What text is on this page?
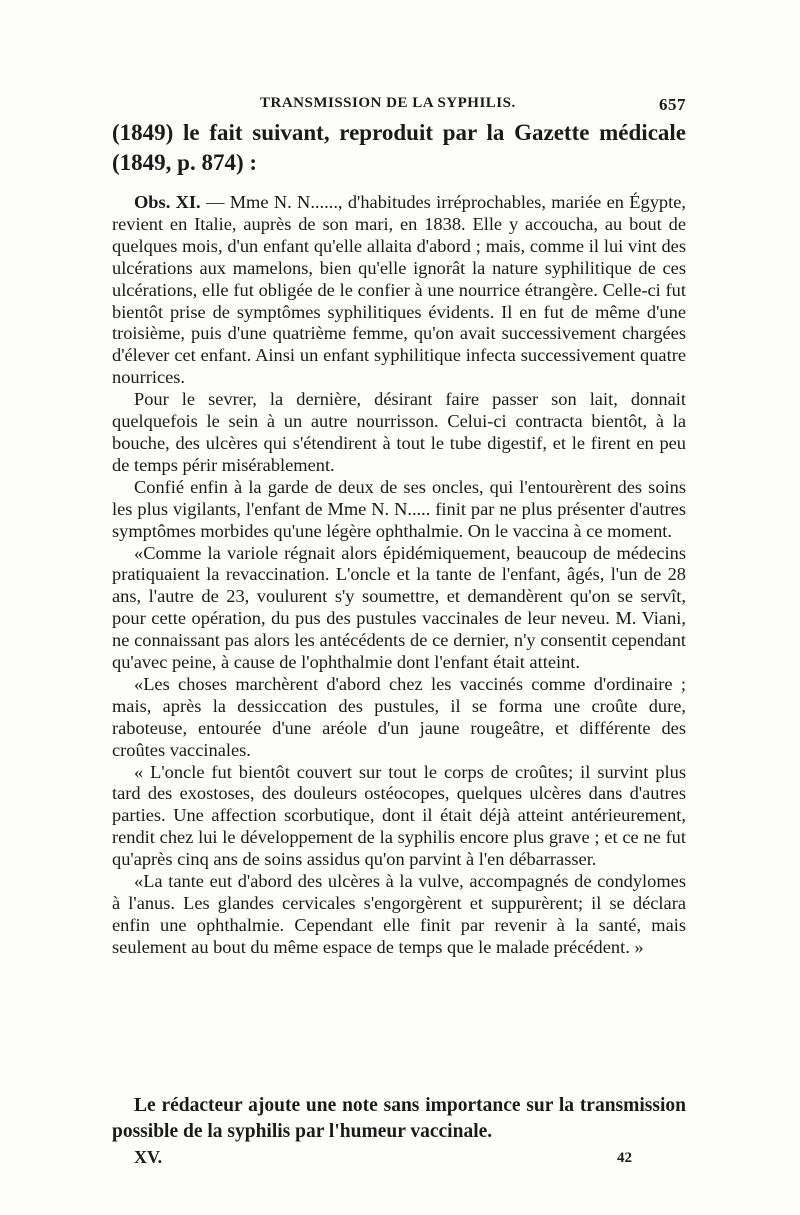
TRANSMISSION DE LA SYPHILIS.	657

(1849) le fait suivant, reproduit par la Gazette médicale (1849, p. 874) :

Obs. XI. — Mme N. N......, d'habitudes irréprochables, mariée en Égypte, revient en Italie, auprès de son mari, en 1838. Elle y accoucha, au bout de quelques mois, d'un enfant qu'elle allaita d'abord ; mais, comme il lui vint des ulcérations aux mamelons, bien qu'elle ignorât la nature syphilitique de ces ulcérations, elle fut obligée de le confier à une nourrice étrangère. Celle-ci fut bientôt prise de symptômes syphilitiques évidents. Il en fut de même d'une troisième, puis d'une quatrième femme, qu'on avait successivement chargées d'élever cet enfant. Ainsi un enfant syphilitique infecta successivement quatre nourrices.

Pour le sevrer, la dernière, désirant faire passer son lait, donnait quelquefois le sein à un autre nourrisson. Celui-ci contracta bientôt, à la bouche, des ulcères qui s'étendirent à tout le tube digestif, et le firent en peu de temps périr misérablement.

Confié enfin à la garde de deux de ses oncles, qui l'entourèrent des soins les plus vigilants, l'enfant de Mme N. N..... finit par ne plus présenter d'autres symptômes morbides qu'une légère ophthalmie. On le vaccina à ce moment.

«Comme la variole régnait alors épidémiquement, beaucoup de médecins pratiquaient la revaccination. L'oncle et la tante de l'enfant, âgés, l'un de 28 ans, l'autre de 23, voulurent s'y soumettre, et demandèrent qu'on se servît, pour cette opération, du pus des pustules vaccinales de leur neveu. M. Viani, ne connaissant pas alors les antécédents de ce dernier, n'y consentit cependant qu'avec peine, à cause de l'ophthalmie dont l'enfant était atteint.

«Les choses marchèrent d'abord chez les vaccinés comme d'ordinaire ; mais, après la dessiccation des pustules, il se forma une croûte dure, raboteuse, entourée d'une aréole d'un jaune rougeâtre, et différente des croûtes vaccinales.

« L'oncle fut bientôt couvert sur tout le corps de croûtes; il survint plus tard des exostoses, des douleurs ostéocopes, quelques ulcères dans d'autres parties. Une affection scorbutique, dont il était déjà atteint antérieurement, rendit chez lui le développement de la syphilis encore plus grave ; et ce ne fut qu'après cinq ans de soins assidus qu'on parvint à l'en débarrasser.

«La tante eut d'abord des ulcères à la vulve, accompagnés de condylomes à l'anus. Les glandes cervicales s'engorgèrent et suppurèrent; il se déclara enfin une ophthalmie. Cependant elle finit par revenir à la santé, mais seulement au bout du même espace de temps que le malade précédent. »

Le rédacteur ajoute une note sans importance sur la transmission possible de la syphilis par l'humeur vaccinale.

XV.	42
